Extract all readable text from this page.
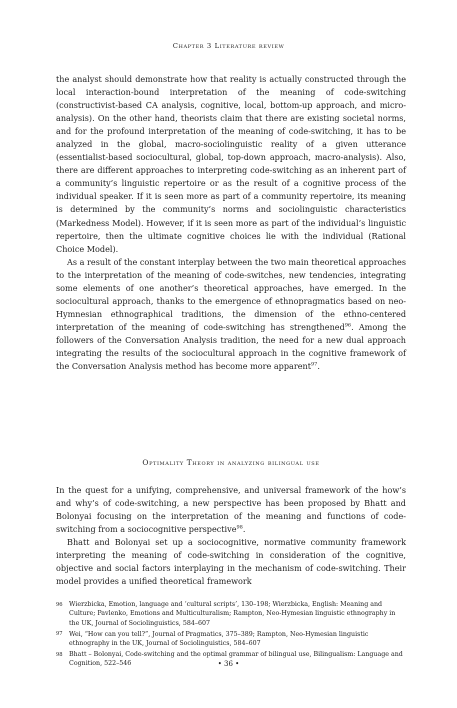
Chapter 3 Literature review

the analyst should demonstrate how that reality is actually constructed through the local interaction-bound interpretation of the meaning of code-switching (constructivist-based CA analysis, cognitive, local, bottom-up approach, and micro-analysis). On the other hand, theorists claim that there are existing societal norms, and for the profound interpretation of the meaning of code-switching, it has to be analyzed in the global, macro-sociolinguistic reality of a given utterance (essentialist-based sociocultural, global, top-down approach, macro-analysis). Also, there are different approaches to interpreting code-switching as an inherent part of a community’s linguistic repertoire or as the result of a cognitive process of the individual speaker. If it is seen more as part of a community repertoire, its meaning is determined by the community’s norms and sociolinguistic characteristics (Markedness Model). However, if it is seen more as part of the individual’s linguistic repertoire, then the ultimate cognitive choices lie with the individual (Rational Choice Model).

As a result of the constant interplay between the two main theoretical approaches to the interpretation of the meaning of code-switches, new tendencies, integrating some elements of one another’s theoretical approaches, have emerged. In the sociocultural approach, thanks to the emergence of ethnopragmatics based on neo-Hymnesian ethnographical traditions, the dimension of the ethno-centered interpretation of the meaning of code-switching has strengthened$^{96}$. Among the followers of the Conversation Analysis tradition, the need for a new dual approach integrating the results of the sociocultural approach in the cognitive framework of the Conversation Analysis method has become more apparent$^{97}$.

Optimality Theory in analyzing bilingual use

In the quest for a unifying, comprehensive, and universal framework of the how’s and why’s of code-switching, a new perspective has been proposed by Bhatt and Bolonyai focusing on the interpretation of the meaning and functions of code-switching from a sociocognitive perspective$^{98}$.

Bhatt and Bolonyai set up a sociocognitive, normative community framework interpreting the meaning of code-switching in consideration of the cognitive, objective and social factors interplaying in the mechanism of code-switching. Their model provides a unified theoretical framework

96	Wierzbicka, Emotion, language and ‘cultural scripts’, 130–198; Wierzbicka, English: Meaning and Culture; Pavlenko, Emotions and Multiculturalism; Rampton, Neo-Hymesian linguistic ethnography in the UK, Journal of Sociolinguistics, 584–607
97	Wei, “How can you tell?”, Journal of Pragmatics, 375–389; Rampton, Neo-Hymesian linguistic ethnography in the UK, Journal of Sociolinguistics, 584–607
98	Bhatt – Bolonyai, Code-switching and the optimal grammar of bilingual use, Bilingualism: Language and Cognition, 522–546	• 36 •
